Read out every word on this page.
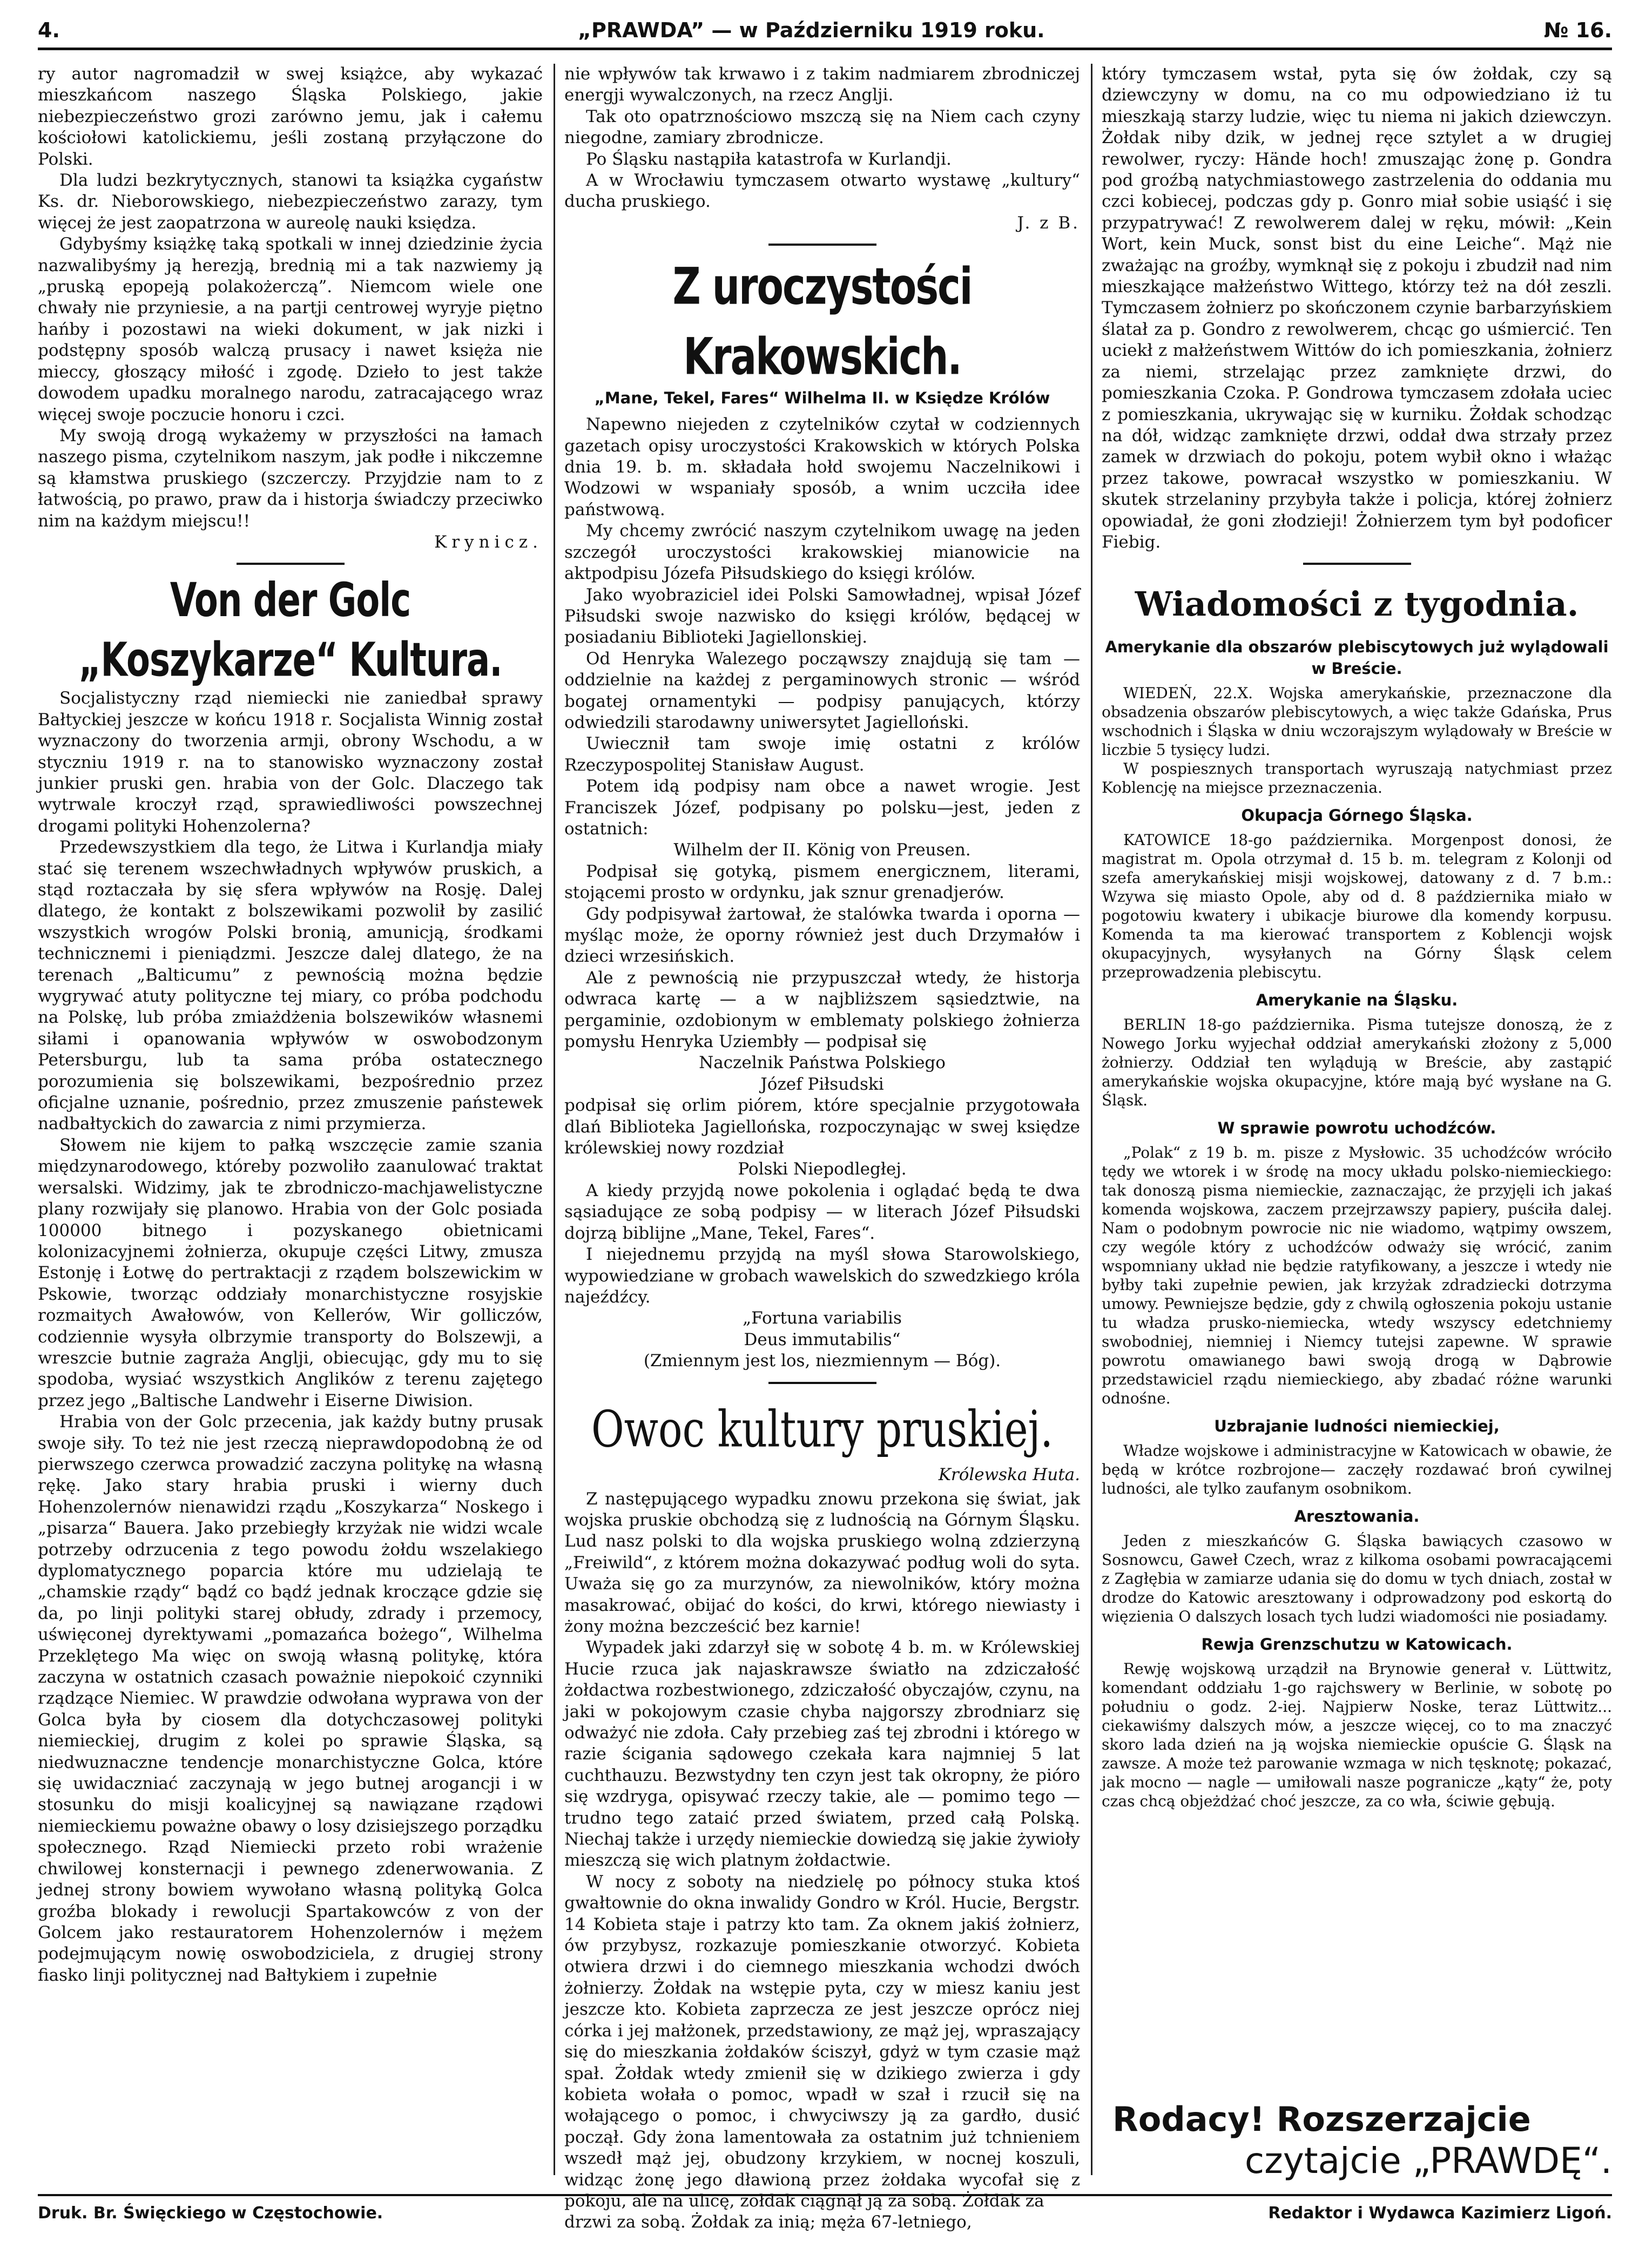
4.	„PRAWDA” — w Październiku 1919 roku.	№ 16.

ry autor nagromadził w swej książce, aby wykazać mieszkańcom naszego Śląska Polskiego, jakie niebezpieczeństwo grozi zarówno jemu, jak i całemu kościołowi katolickiemu, jeśli zostaną przyłączone do Polski.

Dla ludzi bezkrytycznych, stanowi ta książka cygaństw Ks. dr. Nieborowskiego, niebezpieczeństwo zarazy, tym więcej że jest zaopatrzona w aureolę nauki księdza.

Gdybyśmy książkę taką spotkali w innej dziedzinie życia nazwalibyśmy ją herezją, brednią mi a tak nazwiemy ją „pruską epopeją polakożerczą”. Niemcom wiele one chwały nie przyniesie, a na partji centrowej wyryje piętno hańby i pozostawi na wieki dokument, w jak nizki i podstępny sposób walczą prusacy i nawet księża nie mieccy, głoszący miłość i zgodę. Dzieło to jest także dowodem upadku moralnego narodu, zatracającego wraz więcej swoje poczucie honoru i czci.

My swoją drogą wykażemy w przyszłości na łamach naszego pisma, czytelnikom naszym, jak podłe i nikczemne są kłamstwa pruskiego (szczerczy. Przyjdzie nam to z łatwością, po prawo, praw da i historja świadczy przeciwko nim na każdym miejscu!!

Krynicz.

Von der Golc „Koszykarze“ Kultura.

Socjalistyczny rząd niemiecki nie zaniedbał sprawy Bałtyckiej jeszcze w końcu 1918 r. Socjalista Winnig został wyznaczony do tworzenia armji, obrony Wschodu, a w styczniu 1919 r. na to stanowisko wyznaczony został junkier pruski gen. hrabia von der Golc. Dlaczego tak wytrwale kroczył rząd, sprawiedliwości powszechnej drogami polityki Hohenzolerna?

Przedewszystkiem dla tego, że Litwa i Kurlandja miały stać się terenem wszechwładnych wpływów pruskich, a stąd roztaczała by się sfera wpływów na Rosję. Dalej dlatego, że kontakt z bolszewikami pozwolił by zasilić wszystkich wrogów Polski bronią, amunicją, środkami technicznemi i pieniądzmi. Jeszcze dalej dlatego, że na terenach „Balticumu” z pewnością można będzie wygrywać atuty polityczne tej miary, co próba podchodu na Polskę, lub próba zmiażdżenia bolszewików własnemi siłami i opanowania wpływów w oswobodzonym Petersburgu, lub ta sama próba ostatecznego porozumienia się bolszewikami, bezpośrednio przez oficjalne uznanie, pośrednio, przez zmuszenie państewek nadbałtyckich do zawarcia z nimi przymierza.

Słowem nie kijem to pałką wszczęcie zamie szania międzynarodowego, któreby pozwoliło zaanulować traktat wersalski. Widzimy, jak te zbrodniczo-machjawelistyczne plany rozwijały się planowo. Hrabia von der Golc posiada 100000 bitnego i pozyskanego obietnicami kolonizacyjnemi żołnierza, okupuje części Litwy, zmusza Estonję i Łotwę do pertraktacji z rządem bolszewickim w Pskowie, tworząc oddziały monarchistyczne rosyjskie rozmaitych Awałowów, von Kellerów, Wir golliczów, codziennie wysyła olbrzymie transporty do Bolszewji, a wreszcie butnie zagraża Anglji, obiecując, gdy mu to się spodoba, wysiać wszystkich Anglików z terenu zajętego przez jego „Baltische Landwehr i Eiserne Diwision.

Hrabia von der Golc przecenia, jak każdy butny prusak swoje siły. To też nie jest rzeczą nieprawdopodobną że od pierwszego czerwca prowadzić zaczyna politykę na własną rękę. Jako stary hrabia pruski i wierny duch Hohenzolernów nienawidzi rządu „Koszykarza“ Noskego i „pisarza“ Bauera. Jako przebiegły krzyżak nie widzi wcale potrzeby odrzucenia z tego powodu żołdu wszelakiego dyplomatycznego poparcia które mu udzielają te „chamskie rządy“ bądź co bądź jednak kroczące gdzie się da, po linji polityki starej obłudy, zdrady i przemocy, uświęconej dyrektywami „pomazańca bożego“, Wilhelma Przeklętego Ma więc on swoją własną politykę, która zaczyna w ostatnich czasach poważnie niepokoić czynniki rządzące Niemiec. W prawdzie odwołana wyprawa von der Golca była by ciosem dla dotychczasowej polityki niemieckiej, drugim z kolei po sprawie Śląska, są niedwuznaczne tendencje monarchistyczne Golca, które się uwidaczniać zaczynają w jego butnej arogancji i w stosunku do misji koalicyjnej są nawiązane rządowi niemieckiemu poważne obawy o losy dzisiejszego porządku społecznego. Rząd Niemiecki przeto robi wrażenie chwilowej konsternacji i pewnego zdenerwowania. Z jednej strony bowiem wywołano własną polityką Golca groźba blokady i rewolucji Spartakowców z von der Golcem jako restauratorem Hohenzolernów i mężem podejmującym nowię oswobodziciela, z drugiej strony fiasko linji politycznej nad Bałtykiem i zupełnie

nie wpływów tak krwawo i z takim nadmiarem zbrodniczej energji wywalczonych, na rzecz Anglji.

Tak oto opatrznościowo mszczą się na Niem cach czyny niegodne, zamiary zbrodnicze.

Po Śląsku nastąpiła katastrofa w Kurlandji.

A w Wrocławiu tymczasem otwarto wystawę „kultury“ ducha pruskiego.

J. z B.

Z uroczystości Krakowskich.
„Mane, Tekel, Fares“ Wilhelma II. w Księdze Królów

Napewno niejeden z czytelników czytał w codziennych gazetach opisy uroczystości Krakowskich w których Polska dnia 19. b. m. składała hołd swojemu Naczelnikowi i Wodzowi w wspaniały sposób, a wnim uczciła idee państwową.

My chcemy zwrócić naszym czytelnikom uwagę na jeden szczegół uroczystości krakowskiej mianowicie na aktpodpisu Józefa Piłsudskiego do księgi królów.

Jako wyobraziciel idei Polski Samowładnej, wpisał Józef Piłsudski swoje nazwisko do księgi królów, będącej w posiadaniu Biblioteki Jagiellonskiej.

Od Henryka Walezego począwszy znajdują się tam — oddzielnie na każdej z pergaminowych stronic — wśród bogatej ornamentyki — podpisy panujących, którzy odwiedzili starodawny uniwersytet Jagielloński.

Uwiecznił tam swoje imię ostatni z królów Rzeczypospolitej Stanisław August.

Potem idą podpisy nam obce a nawet wrogie. Jest Franciszek Józef, podpisany po polsku—jest, jeden z ostatnich:

Wilhelm der II. König von Preusen.

Podpisał się gotyką, pismem energicznem, literami, stojącemi prosto w ordynku, jak sznur grenadjerów.

Gdy podpisywał żartował, że stalówka twarda i oporna — myśląc może, że oporny również jest duch Drzymałów i dzieci wrzesińskich.

Ale z pewnością nie przypuszczał wtedy, że historja odwraca kartę — a w najbliższem sąsiedztwie, na pergaminie, ozdobionym w emblematy polskiego żołnierza pomysłu Henryka Uziembły — podpisał się

Naczelnik Państwa Polskiego

Józef Piłsudski

podpisał się orlim piórem, które specjalnie przygotowała dlań Biblioteka Jagiellońska, rozpoczynając w swej księdze królewskiej nowy rozdział

Polski Niepodległej.

A kiedy przyjdą nowe pokolenia i oglądać będą te dwa sąsiadujące ze sobą podpisy — w literach Józef Piłsudski dojrzą biblijne „Mane, Tekel, Fares“.

I niejednemu przyjdą na myśl słowa Starowolskiego, wypowiedziane w grobach wawelskich do szwedzkiego króla najeźdźcy.

„Fortuna variabilis

Deus immutabilis“

(Zmiennym jest los, niezmiennym — Bóg).

Owoc kultury pruskiej.
Królewska Huta.

Z następującego wypadku znowu przekona się świat, jak wojska pruskie obchodzą się z ludnością na Górnym Śląsku. Lud nasz polski to dla wojska pruskiego wolną zdzierzyną „Freiwild“, z którem można dokazywać podług woli do syta. Uważa się go za murzynów, za niewolników, który można masakrować, obijać do kości, do krwi, którego niewiasty i żony można bezcześcić bez karnie!

Wypadek jaki zdarzył się w sobotę 4 b. m. w Królewskiej Hucie rzuca jak najaskrawsze światło na zdziczałość żołdactwa rozbestwionego, zdziczałość obyczajów, czynu, na jaki w pokojowym czasie chyba najgorszy zbrodniarz się odważyć nie zdoła. Cały przebieg zaś tej zbrodni i którego w razie ścigania sądowego czekała kara najmniej 5 lat cuchthauzu. Bezwstydny ten czyn jest tak okropny, że pióro się wzdryga, opisywać rzeczy takie, ale — pomimo tego — trudno tego zataić przed światem, przed całą Polską. Niechaj także i urzędy niemieckie dowiedzą się jakie żywioły mieszczą się wich platnym żołdactwie.

W nocy z soboty na niedzielę po północy stuka ktoś gwałtownie do okna inwalidy Gondro w Król. Hucie, Bergstr. 14 Kobieta staje i patrzy kto tam. Za oknem jakiś żołnierz, ów przybysz, rozkazuje pomieszkanie otworzyć. Kobieta otwiera drzwi i do ciemnego mieszkania wchodzi dwóch żołnierzy. Żołdak na wstępie pyta, czy w miesz kaniu jest jeszcze kto. Kobieta zaprzecza ze jest jeszcze oprócz niej córka i jej małżonek, przedstawiony, ze mąż jej, wpraszający się do mieszkania żołdaków ściszył, gdyż w tym czasie mąż spał. Żołdak wtedy zmienił się w dzikiego zwierza i gdy kobieta wołała o pomoc, wpadł w szał i rzucił się na wołającego o pomoc, i chwyciwszy ją za gardło, dusić począł. Gdy żona lamentowała za ostatnim już tchnieniem wszedł mąż jej, obudzony krzykiem, w nocnej koszuli, widząc żonę jego dławioną przez żołdaka wycofał się z pokoju, ale na ulicę, żołdak ciągnął ją za sobą. Żołdak za

drzwi za sobą. Żołdak za inią; męża 67-letniego,

który tymczasem wstał, pyta się ów żołdak, czy są dziewczyny w domu, na co mu odpowiedziano iż tu mieszkają starzy ludzie, więc tu niema ni jakich dziewczyn. Żołdak niby dzik, w jednej ręce sztylet a w drugiej rewolwer, ryczy: Hände hoch! zmuszając żonę p. Gondra pod groźbą natychmiastowego zastrzelenia do oddania mu czci kobiecej, podczas gdy p. Gonro miał sobie usiąść i się przypatrywać! Z rewolwerem dalej w ręku, mówił: „Kein Wort, kein Muck, sonst bist du eine Leiche“. Mąż nie zważając na groźby, wymknął się z pokoju i zbudził nad nim mieszkające małżeństwo Wittego, którzy też na dół zeszli. Tymczasem żołnierz po skończonem czynie barbarzyńskiem ślatał za p. Gondro z rewolwerem, chcąc go uśmiercić. Ten uciekł z małżeństwem Wittów do ich pomieszkania, żołnierz za niemi, strzelając przez zamknięte drzwi, do pomieszkania Czoka. P. Gondrowa tymczasem zdołała uciec z pomieszkania, ukrywając się w kurniku. Żołdak schodząc na dół, widząc zamknięte drzwi, oddał dwa strzały przez zamek w drzwiach do pokoju, potem wybił okno i włażąc przez takowe, powracał wszystko w pomieszkaniu. W skutek strzelaniny przybyła także i policja, której żołnierz opowiadał, że goni złodzieji! Żołnierzem tym był podoficer Fiebig.

Wiadomości z tygodnia.
Amerykanie dla obszarów plebiscytowych już wylądowali w Breście.

WIEDEŃ, 22.X. Wojska amerykańskie, przeznaczone dla obsadzenia obszarów plebiscytowych, a więc także Gdańska, Prus wschodnich i Śląska w dniu wczorajszym wylądowały w Breście w liczbie 5 tysięcy ludzi.

W pospiesznych transportach wyruszają natychmiast przez Koblencję na miejsce przeznaczenia.

Okupacja Górnego Śląska.

KATOWICE 18-go października. Morgenpost donosi, że magistrat m. Opola otrzymał d. 15 b. m. telegram z Kolonji od szefa amerykańskiej misji wojskowej, datowany z d. 7 b.m.: Wzywa się miasto Opole, aby od d. 8 października miało w pogotowiu kwatery i ubikacje biurowe dla komendy korpusu. Komenda ta ma kierować transportem z Koblencji wojsk okupacyjnych, wysyłanych na Górny Śląsk celem przeprowadzenia plebiscytu.

Amerykanie na Śląsku.

BERLIN 18-go października. Pisma tutejsze donoszą, że z Nowego Jorku wyjechał oddział amerykański złożony z 5,000 żołnierzy. Oddział ten wylądują w Breście, aby zastąpić amerykańskie wojska okupacyjne, które mają być wysłane na G. Śląsk.

W sprawie powrotu uchodźców.

„Polak“ z 19 b. m. pisze z Mysłowic. 35 uchodźców wróciło tędy we wtorek i w środę na mocy układu polsko-niemieckiego: tak donoszą pisma niemieckie, zaznaczając, że przyjęli ich jakaś komenda wojskowa, zaczem przejrzawszy papiery, puściła dalej. Nam o podobnym powrocie nic nie wiadomo, wątpimy owszem, czy wególe który z uchodźców odważy się wrócić, zanim wspomniany układ nie będzie ratyfikowany, a jeszcze i wtedy nie byłby taki zupełnie pewien, jak krzyżak zdradziecki dotrzyma umowy. Pewniejsze będzie, gdy z chwilą ogłoszenia pokoju ustanie tu władza prusko-niemiecka, wtedy wszyscy edetchniemy swobodniej, niemniej i Niemcy tutejsi zapewne. W sprawie powrotu omawianego bawi swoją drogą w Dąbrowie przedstawiciel rządu niemieckiego, aby zbadać różne warunki odnośne.

Uzbrajanie ludności niemieckiej,

Władze wojskowe i administracyjne w Katowicach w obawie, że będą w krótce rozbrojone— zaczęły rozdawać broń cywilnej ludności, ale tylko zaufanym osobnikom.

Aresztowania.

Jeden z mieszkańców G. Śląska bawiących czasowo w Sosnowcu, Gaweł Czech, wraz z kilkoma osobami powracającemi z Zagłębia w zamiarze udania się do domu w tych dniach, został w drodze do Katowic aresztowany i odprowadzony pod eskortą do więzienia O dalszych losach tych ludzi wiadomości nie posiadamy.

Rewja Grenzschutzu w Katowicach.

Rewję wojskową urządził na Brynowie generał v. Lüttwitz, komendant oddziału 1-go rajchswery w Berlinie, w sobotę po południu o godz. 2-iej. Najpierw Noske, teraz Lüttwitz... ciekawiśmy dalszych mów, a jeszcze więcej, co to ma znaczyć skoro lada dzień na ją wojska niemieckie opuście G. Śląsk na zawsze. A może też parowanie wzmaga w nich tęsknotę; pokazać, jak mocno — nagle — umiłowali nasze pogranicze „kąty“ że, poty czas chcą objeżdżać choć jeszcze, za co wła, ściwie gębują.

Rodacy! Rozszerzajcie
czytajcie „PRAWDĘ“.
Druk. Br. Święckiego w Częstochowie.	Redaktor i Wydawca Kazimierz Ligoń.
